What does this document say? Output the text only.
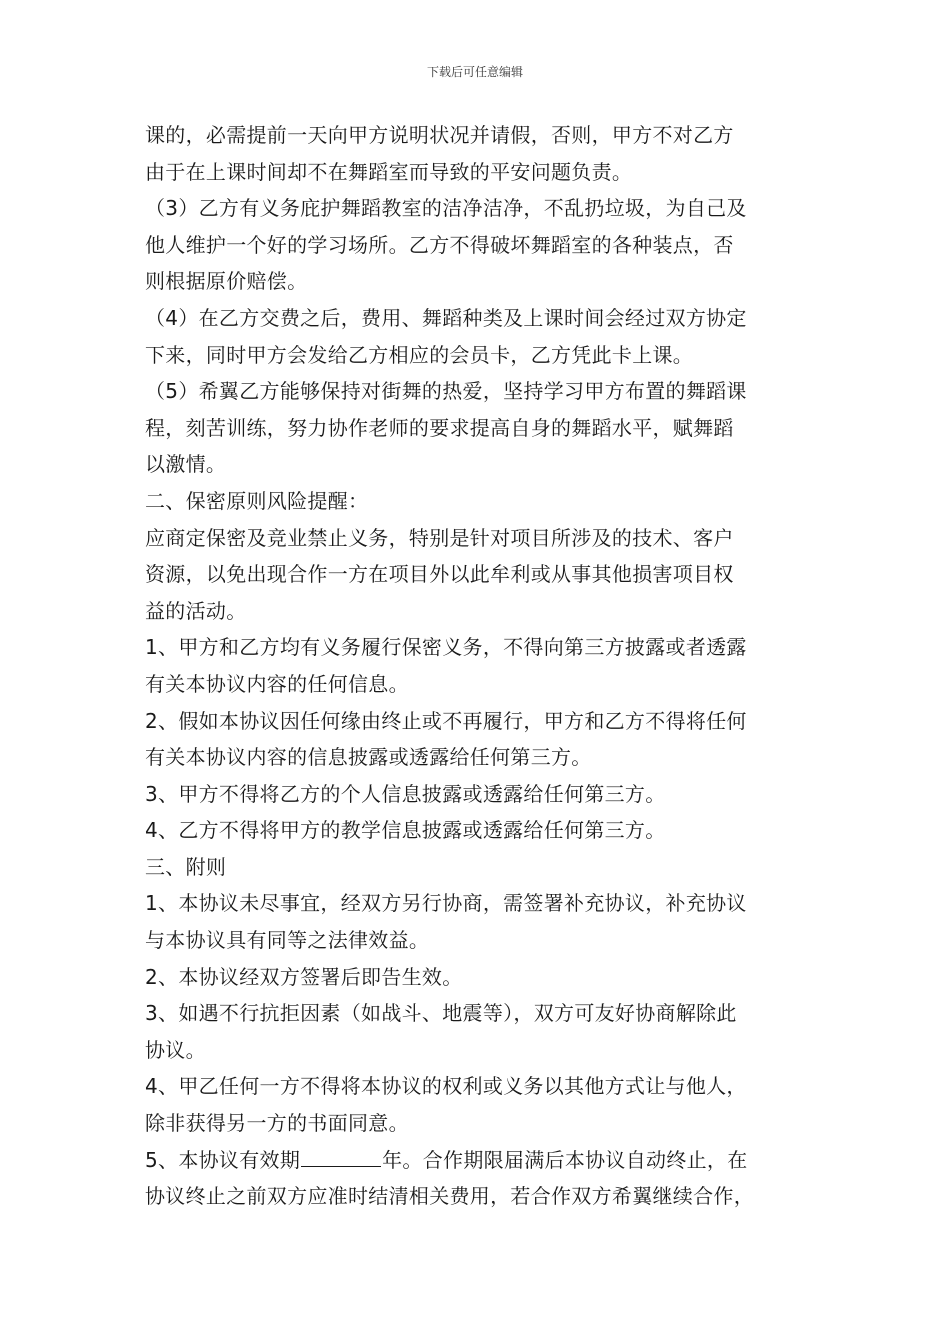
下载后可任意编辑
课的，必需提前一天向甲方说明状况并请假，否则，甲方不对乙方
由于在上课时间却不在舞蹈室而导致的平安问题负责。
（3）乙方有义务庇护舞蹈教室的洁净洁净，不乱扔垃圾，为自己及
他人维护一个好的学习场所。乙方不得破坏舞蹈室的各种装点，否
则根据原价赔偿。
（4）在乙方交费之后，费用、舞蹈种类及上课时间会经过双方协定
下来，同时甲方会发给乙方相应的会员卡，乙方凭此卡上课。
（5）希翼乙方能够保持对街舞的热爱，坚持学习甲方布置的舞蹈课
程，刻苦训练，努力协作老师的要求提高自身的舞蹈水平，赋舞蹈
以激情。
二、保密原则风险提醒：
应商定保密及竞业禁止义务，特别是针对项目所涉及的技术、客户
资源，以免出现合作一方在项目外以此牟利或从事其他损害项目权
益的活动。
1、甲方和乙方均有义务履行保密义务，不得向第三方披露或者透露
有关本协议内容的任何信息。
2、假如本协议因任何缘由终止或不再履行，甲方和乙方不得将任何
有关本协议内容的信息披露或透露给任何第三方。
3、甲方不得将乙方的个人信息披露或透露给任何第三方。
4、乙方不得将甲方的教学信息披露或透露给任何第三方。
三、附则
1、本协议未尽事宜，经双方另行协商，需签署补充协议，补充协议
与本协议具有同等之法律效益。
2、本协议经双方签署后即告生效。
3、如遇不行抗拒因素（如战斗、地震等），双方可友好协商解除此
协议。
4、甲乙任何一方不得将本协议的权利或义务以其他方式让与他人，
除非获得另一方的书面同意。
5、本协议有效期	年。合作期限届满后本协议自动终止，在
协议终止之前双方应准时结清相关费用，若合作双方希翼继续合作，
